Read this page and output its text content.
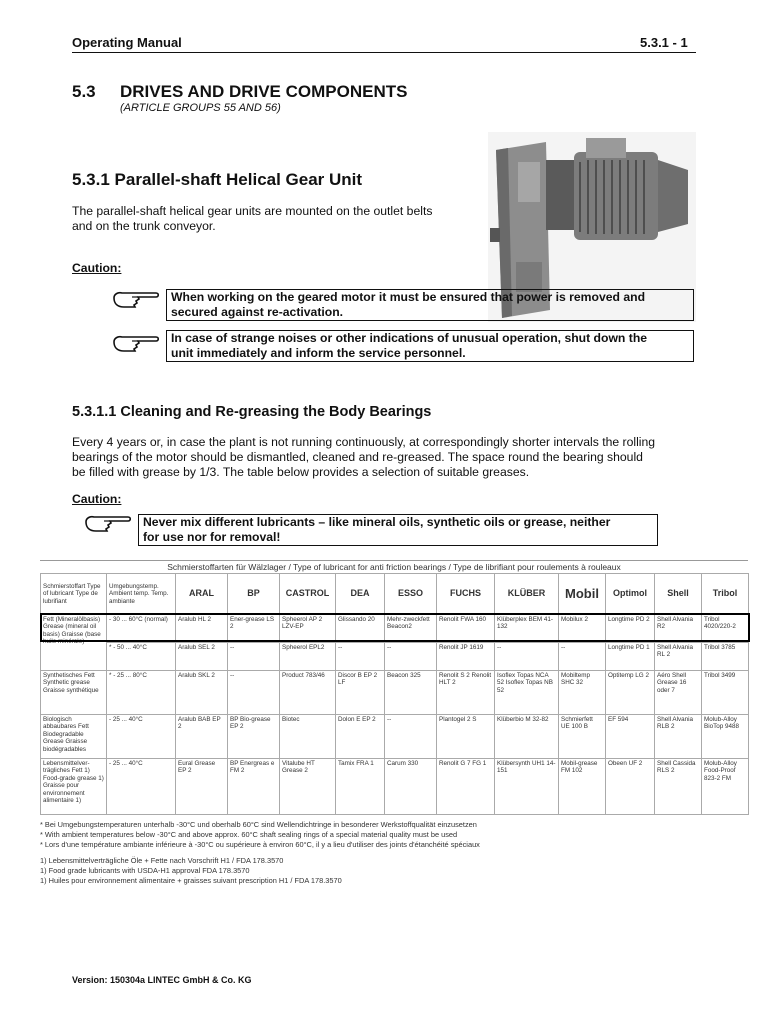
Operating Manual	5.3.1 - 1
5.3 DRIVES AND DRIVE COMPONENTS
(ARTICLE GROUPS 55 AND 56)
5.3.1 Parallel-shaft Helical Gear Unit
The parallel-shaft helical gear units are mounted on the outlet belts
and on the trunk conveyor.
Caution:
When working on the geared motor it must be ensured that power is removed and
secured against re-activation.
In case of strange noises or other indications of unusual operation, shut down the
unit immediately and inform the service personnel.
5.3.1.1 Cleaning and Re-greasing the Body Bearings
Every 4 years or, in case the plant is not running continuously, at correspondingly shorter intervals the rolling
bearings of the motor should be dismantled, cleaned and re-greased. The space round the bearing should
be filled with grease by 1/3. The table below provides a selection of suitable greases.
Caution:
Never mix different lubricants – like mineral oils, synthetic oils or grease, neither
for use nor for removal!
Schmierstoffarten für Wälzlager / Type of lubricant for anti friction bearings / Type de librifiant pour roulements à rouleaux
Schmierstoffart Type of lubricant Type de lubrifiant	Umgebungstemp. Ambient temp. Temp. ambiante	ARAL	BP	CASTROL	DEA	ESSO	FUCHS	KLÜBER	Mobil	Optimol	Shell	Tribol

Fett (Mineralölbasis) Grease (mineral oil basis) Graisse (base huile minérale)	- 30 ... 60°C (normal)	Aralub HL 2	Ener-grease LS 2	Spheerol AP 2 LZV-EP	Glissando 20	Mehr-zweckfett Beacon2	Renolit FWA 160	Klüberplex BEM 41-132	Mobilux 2	Longtime PD 2	Shell Alvania R2	Tribol 4020/220-2
	* - 50 ... 40°C	Aralub SEL 2	--	Spheerol EPL2	--	--	Renolit JP 1619	--	--	Longtime PD 1	Shell Alvania RL 2	Tribol 3785
Synthetisches Fett Synthetic grease Graisse synthétique	* - 25 ... 80°C	Aralub SKL 2	--	Product 783/46	Discor B EP 2 LF	Beacon 325	Renolit S 2 Renolit HLT 2	Isoflex Topas NCA 52 Isoflex Topas NB 52	Mobiltemp SHC 32	Optitemp LG 2	Aéro Shell Grease 16 oder 7	Tribol 3499
Biologisch abbaubares Fett Biodegradable Grease Graisse biodégradables	- 25 ... 40°C	Aralub BAB EP 2	BP Bio-grease EP 2	Biotec	Dolon E EP 2	--	Plantogel 2 S	Klüberbio M 32-82	Schmierfett UE 100 B	EF 594	Shell Alvania RLB 2	Molub-Alloy BioTop 9488
Lebensmittelver-trägliches Fett 1) Food-grade grease 1) Graisse pour environnement alimentaire 1)	- 25 ... 40°C	Eural Grease EP 2	BP Energreas e FM 2	Vitalube HT Grease 2	Tamix FRA 1	Carum 330	Renolit G 7 FG 1	Klübersynth UH1 14-151	Mobil-grease FM 102	Obeen UF 2	Shell Cassida RLS 2	Molub-Alloy Food-Proof 823-2 FM
* Bei Umgebungstemperaturen unterhalb -30°C und oberhalb 60°C sind Wellendichtringe in besonderer Werkstoffqualität einzusetzen
* With ambient temperatures below -30°C and above approx. 60°C shaft sealing rings of a special material quality must be used
* Lors d'une température ambiante inférieure à -30°C ou supérieure à environ 60°C, il y a lieu d'utiliser des joints d'étanchéité spéciaux
1) Lebensmittelverträgliche Öle + Fette nach Vorschrift H1 / FDA 178.3570
1) Food grade lubricants with USDA-H1 approval FDA 178.3570
1) Huiles pour environnement alimentaire + graisses suivant prescription H1 / FDA 178.3570
Version: 150304a LINTEC GmbH & Co. KG
